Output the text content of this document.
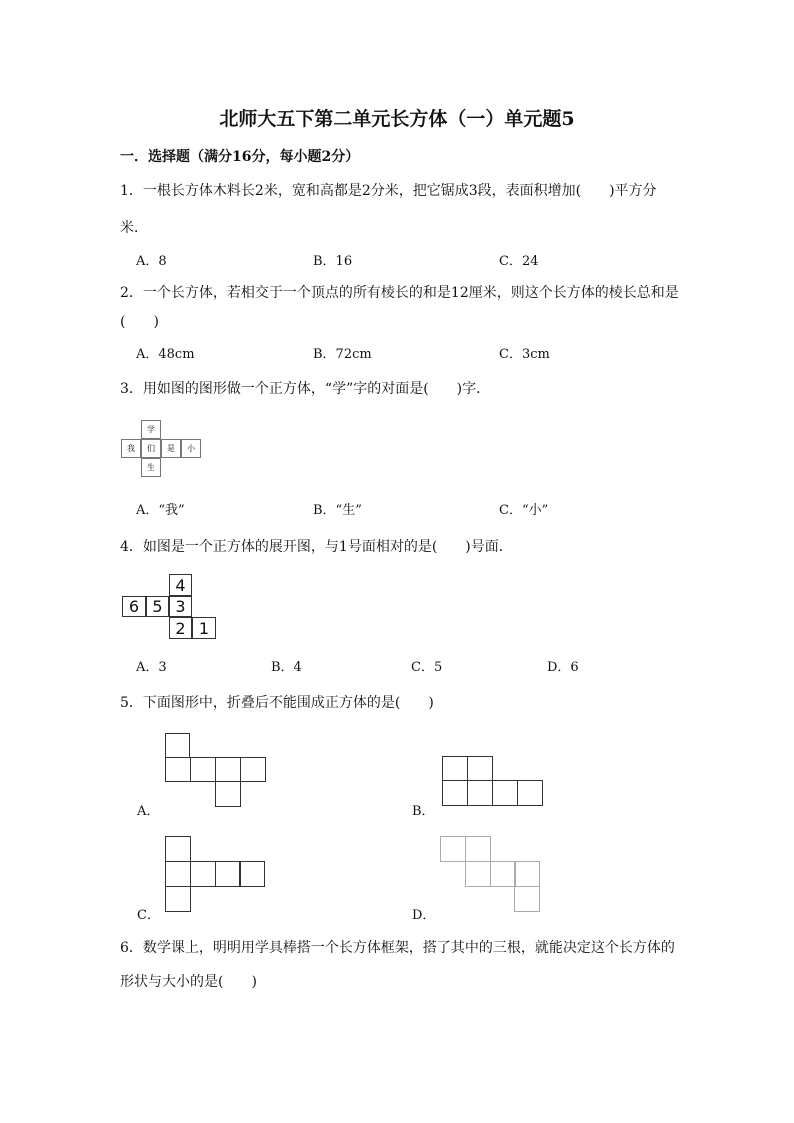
北师大五下第二单元长方体（一）单元题5
一．选择题（满分16分，每小题2分）
1．一根长方体木料长2米，宽和高都是2分米，把它锯成3段，表面积增加(　　)平方分
米．
A．8	B．16	C．24
2．一个长方体，若相交于一个顶点的所有棱长的和是12厘米，则这个长方体的棱长总和是
(　　)
A．48cm	B．72cm	C．3cm
3．用如图的图形做一个正方体，“学”字的对面是(　　)字．
学
我	们	是	小
生
A．“我”	B．“生”	C．“小”
4．如图是一个正方体的展开图，与1号面相对的是(　　)号面．
4
6 5 3
2 1
A．3	B．4	C．5	D．6
5．下面图形中，折叠后不能围成正方体的是(　　)
A．	B．
C．	D．
6．数学课上，明明用学具棒搭一个长方体框架，搭了其中的三根，就能决定这个长方体的
形状与大小的是(　　)
